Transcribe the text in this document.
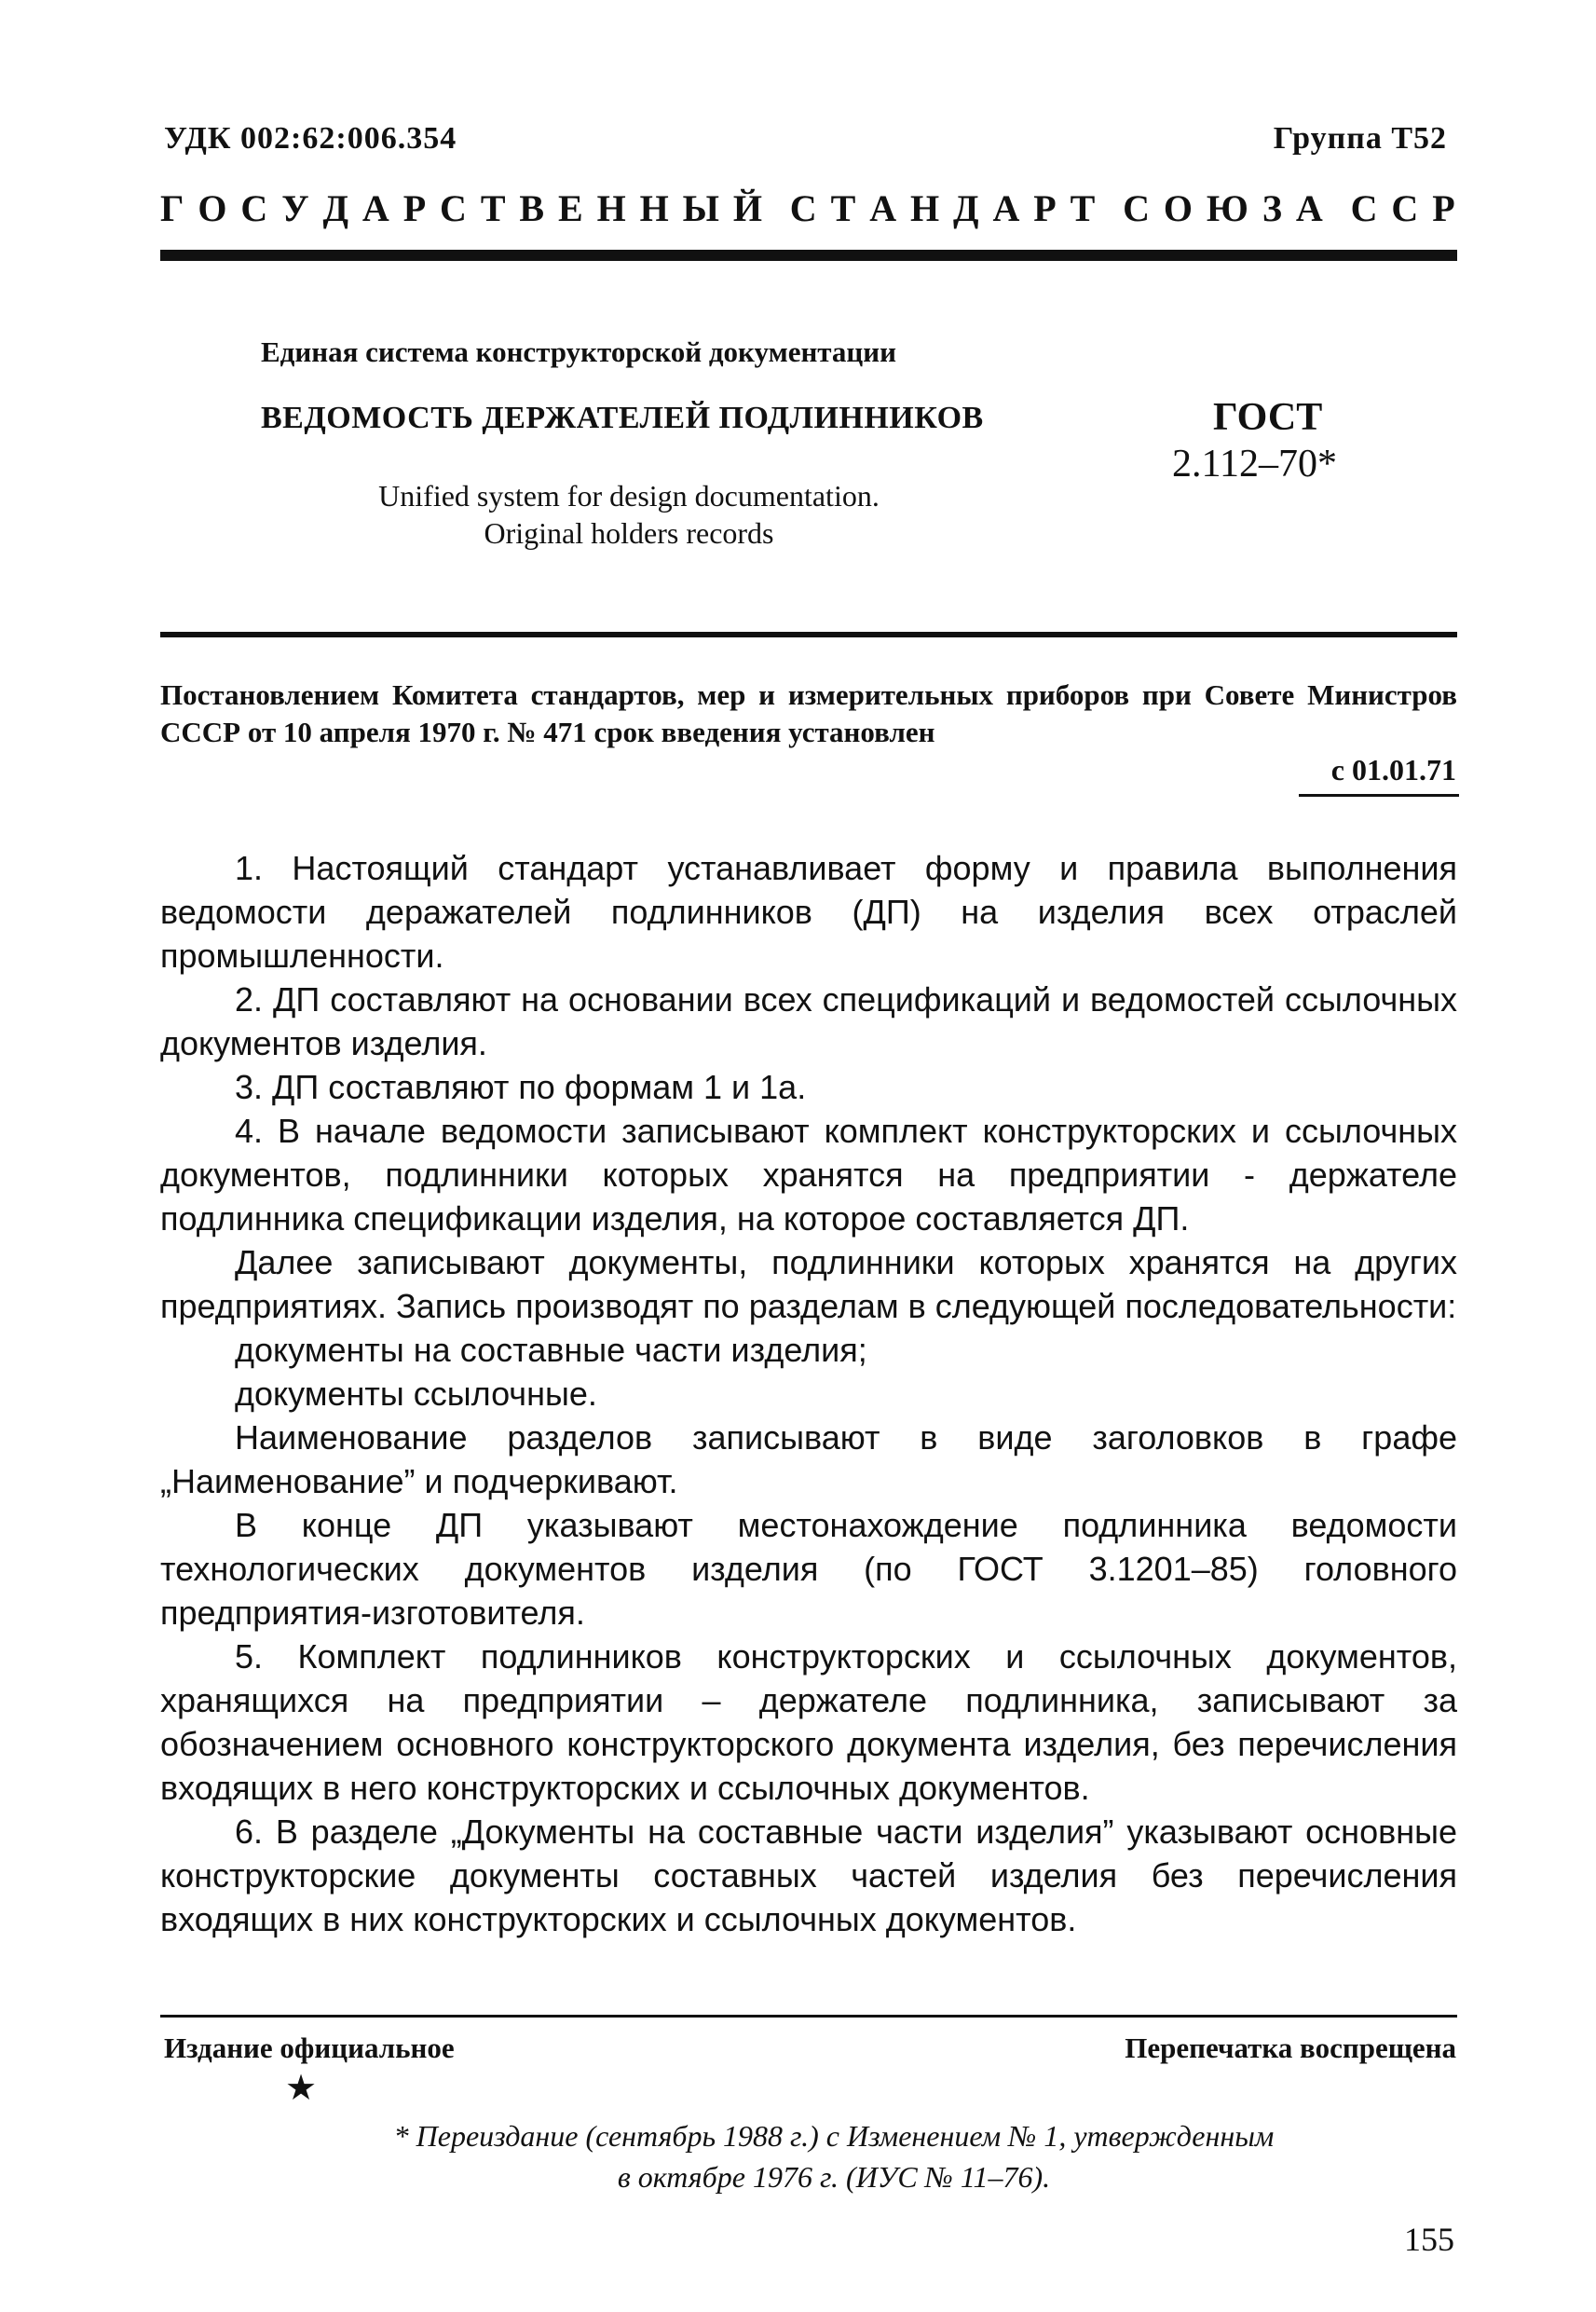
УДК 002:62:006.354	Группа Т52
Г О С У Д А Р С Т В Е Н Н Ы Й С Т А Н Д А Р Т С О Ю З А С С Р
Единая система конструкторской документации
ВЕДОМОСТЬ ДЕРЖАТЕЛЕЙ ПОДЛИННИКОВ	ГОСТ
2.112–70*
Unified system for design documentation.
Original holders records
Постановлением Комитета стандартов, мер и измерительных приборов при Совете Министров СССР от 10 апреля 1970 г. № 471 срок введения установлен
с 01.01.71

1. Настоящий стандарт устанавливает форму и правила выполнения ведомости деражателей подлинников (ДП) на изделия всех отраслей промышленности.

2. ДП составляют на основании всех спецификаций и ведомостей ссылочных документов изделия.

3. ДП составляют по формам 1 и 1а.

4. В начале ведомости записывают комплект конструкторских и ссылочных документов, подлинники которых хранятся на предприятии - держателе подлинника спецификации изделия, на которое составляется ДП.

Далее записывают документы, подлинники которых хранятся на других предприятиях. Запись производят по разделам в следующей последовательности:

документы на составные части изделия;

документы ссылочные.

Наименование разделов записывают в виде заголовков в графе „Наименование” и подчеркивают.

В конце ДП указывают местонахождение подлинника ведомости технологических документов изделия (по ГОСТ 3.1201–85) головного предприятия-изготовителя.

5. Комплект подлинников конструкторских и ссылочных документов, хранящихся на предприятии – держателе подлинника, записывают за обозначением основного конструкторского документа изделия, без перечисления входящих в него конструкторских и ссылочных документов.

6. В разделе „Документы на составные части изделия” указывают основные конструкторские документы составных частей изделия без перечисления входящих в них конструкторских и ссылочных документов.

Издание официальное	Перепечатка воспрещена
★
* Переиздание (сентябрь 1988 г.) с Изменением № 1, утвержденным
в октябре 1976 г. (ИУС № 11–76).
155
